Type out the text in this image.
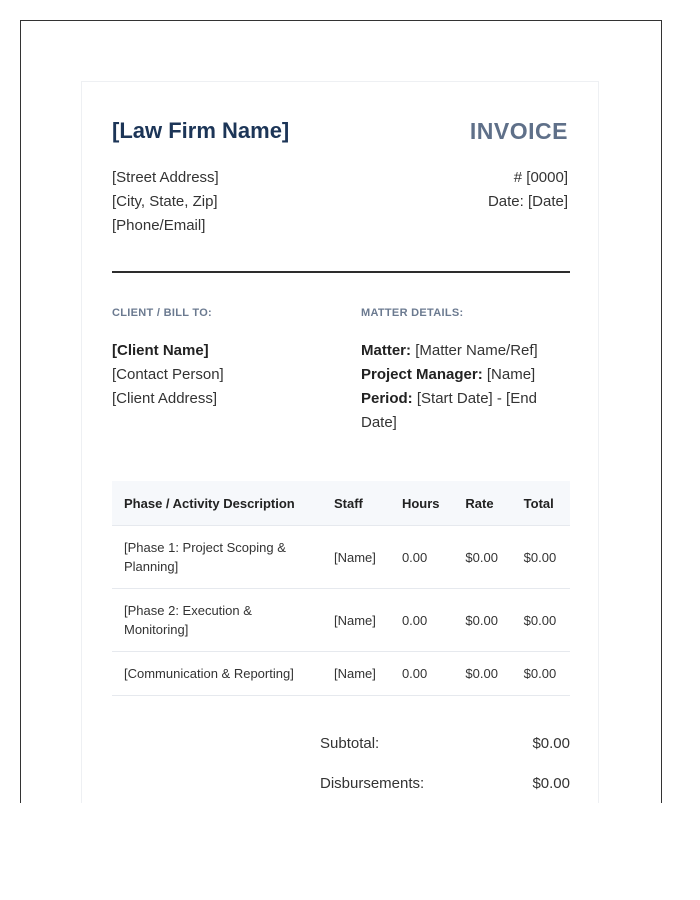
[Law Firm Name]	INVOICE
[Street Address]
[City, State, Zip]
[Phone/Email]
# [0000]
Date: [Date]
CLIENT / BILL TO:	MATTER DETAILS:
[Client Name]
[Contact Person]
[Client Address]
Matter: [Matter Name/Ref]
Project Manager: [Name]
Period: [Start Date] - [End Date]
Phase / Activity Description	Staff	Hours	Rate	Total
[Phase 1: Project Scoping & Planning]	[Name]	0.00	$0.00	$0.00
[Phase 2: Execution & Monitoring]	[Name]	0.00	$0.00	$0.00
[Communication & Reporting]	[Name]	0.00	$0.00	$0.00
Subtotal:	$0.00
Disbursements:	$0.00
